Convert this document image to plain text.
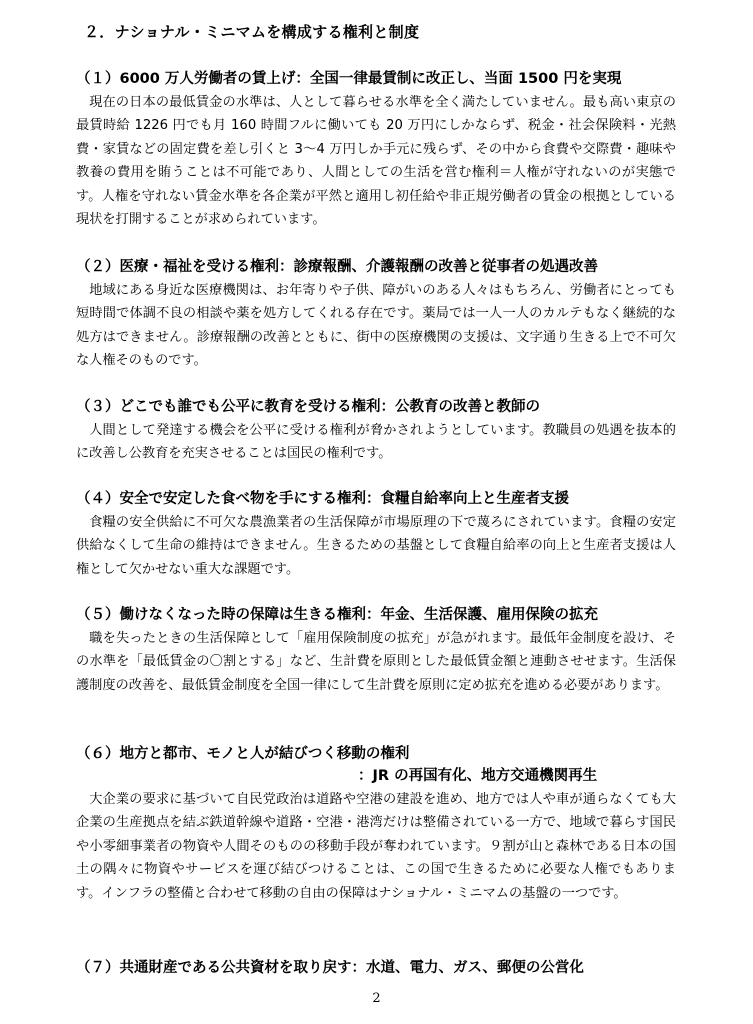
２．ナショナル・ミニマムを構成する権利と制度
（１）6000 万人労働者の賃上げ：全国一律最賃制に改正し、当面 1500 円を実現
現在の日本の最低賃金の水準は、人として暮らせる水準を全く満たしていません。最も高い東京の最賃時給 1226 円でも月 160 時間フルに働いても 20 万円にしかならず、税金・社会保険料・光熱費・家賃などの固定費を差し引くと 3～4 万円しか手元に残らず、その中から食費や交際費・趣味や教養の費用を賄うことは不可能であり、人間としての生活を営む権利＝人権が守れないのが実態です。人権を守れない賃金水準を各企業が平然と適用し初任給や非正規労働者の賃金の根拠としている現状を打開することが求められています。
（２）医療・福祉を受ける権利：診療報酬、介護報酬の改善と従事者の処遇改善
地域にある身近な医療機関は、お年寄りや子供、障がいのある人々はもちろん、労働者にとっても短時間で体調不良の相談や薬を処方してくれる存在です。薬局では一人一人のカルテもなく継続的な処方はできません。診療報酬の改善とともに、街中の医療機関の支援は、文字通り生きる上で不可欠な人権そのものです。
（３）どこでも誰でも公平に教育を受ける権利：公教育の改善と教師の
人間として発達する機会を公平に受ける権利が脅かされようとしています。教職員の処遇を抜本的に改善し公教育を充実させることは国民の権利です。
（４）安全で安定した食べ物を手にする権利：食糧自給率向上と生産者支援
食糧の安全供給に不可欠な農漁業者の生活保障が市場原理の下で蔑ろにされています。食糧の安定供給なくして生命の維持はできません。生きるための基盤として食糧自給率の向上と生産者支援は人権として欠かせない重大な課題です。
（５）働けなくなった時の保障は生きる権利：年金、生活保護、雇用保険の拡充
職を失ったときの生活保障として「雇用保険制度の拡充」が急がれます。最低年金制度を設け、その水準を「最低賃金の〇割とする」など、生計費を原則とした最低賃金額と連動させせます。生活保護制度の改善を、最低賃金制度を全国一律にして生計費を原則に定め拡充を進める必要があります。
（６）地方と都市、モノと人が結びつく移動の権利
：JR の再国有化、地方交通機関再生
大企業の要求に基づいて自民党政治は道路や空港の建設を進め、地方では人や車が通らなくても大企業の生産拠点を結ぶ鉄道幹線や道路・空港・港湾だけは整備されている一方で、地域で暮らす国民や小零細事業者の物資や人間そのものの移動手段が奪われています。９割が山と森林である日本の国土の隅々に物資やサービスを運び結びつけることは、この国で生きるために必要な人権でもあります。インフラの整備と合わせて移動の自由の保障はナショナル・ミニマムの基盤の一つです。
（７）共通財産である公共資材を取り戻す：水道、電力、ガス、郵便の公営化
2
